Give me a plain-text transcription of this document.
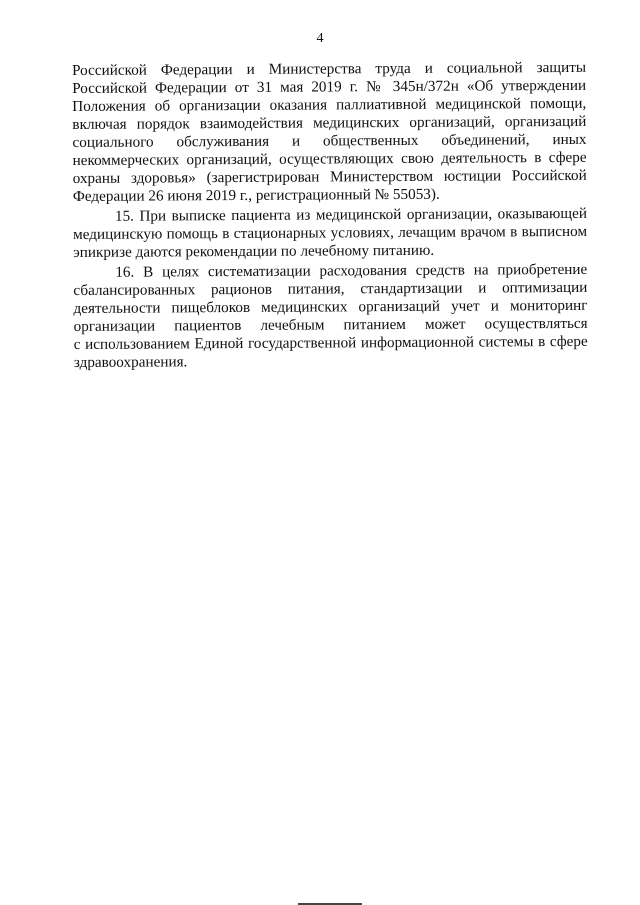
4
Российской Федерации и Министерства труда и социальной защиты
Российской Федерации от 31 мая 2019 г. № 345н/372н «Об утверждении
Положения об организации оказания паллиативной медицинской помощи,
включая порядок взаимодействия медицинских организаций, организаций
социального обслуживания и общественных объединений, иных
некоммерческих организаций, осуществляющих свою деятельность в сфере
охраны здоровья» (зарегистрирован Министерством юстиции Российской
Федерации 26 июня 2019 г., регистрационный № 55053).
15. При выписке пациента из медицинской организации, оказывающей
медицинскую помощь в стационарных условиях, лечащим врачом в выписном
эпикризе даются рекомендации по лечебному питанию.
16. В целях систематизации расходования средств на приобретение
сбалансированных рационов питания, стандартизации и оптимизации
деятельности пищеблоков медицинских организаций учет и мониторинг
организации пациентов лечебным питанием может осуществляться
с использованием Единой государственной информационной системы в сфере
здравоохранения.
